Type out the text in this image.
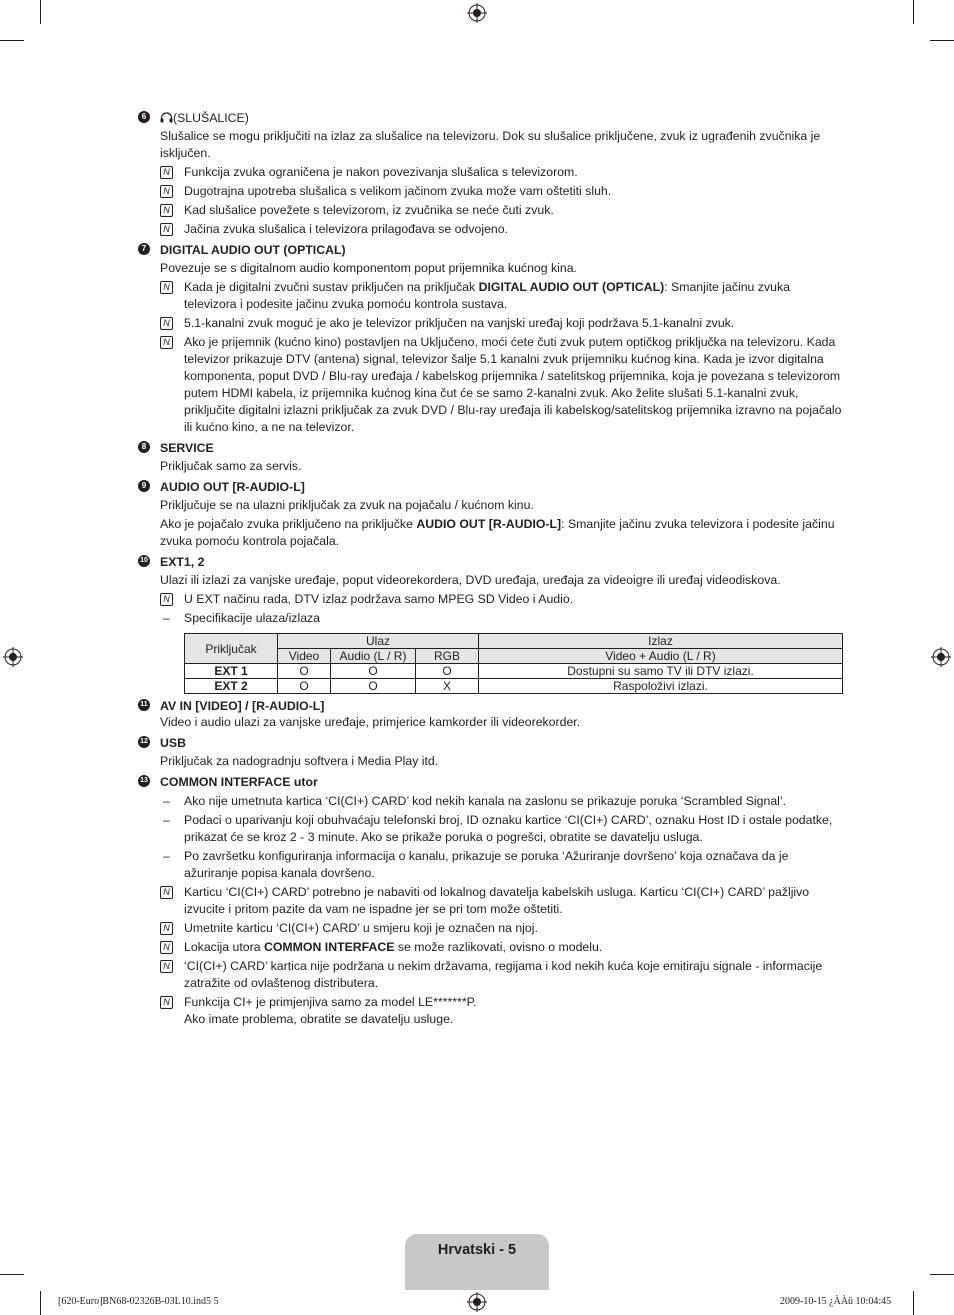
6	(SLUŠALICE)
Slušalice se mogu priključiti na izlaz za slušalice na televizoru. Dok su slušalice priključene, zvuk iz ugrađenih zvučnika je isključen.
N Funkcija zvuka ograničena je nakon povezivanja slušalica s televizorom.
N Dugotrajna upotreba slušalica s velikom jačinom zvuka može vam oštetiti sluh.
N Kad slušalice povežete s televizorom, iz zvučnika se neće čuti zvuk.
N Jačina zvuka slušalica i televizora prilagođava se odvojeno.
7	DIGITAL AUDIO OUT (OPTICAL)
Povezuje se s digitalnom audio komponentom poput prijemnika kućnog kina.
N Kada je digitalni zvučni sustav priključen na priključak DIGITAL AUDIO OUT (OPTICAL): Smanjite jačinu zvuka televizora i podesite jačinu zvuka pomoću kontrola sustava.
N 5.1-kanalni zvuk moguć je ako je televizor priključen na vanjski uređaj koji podržava 5.1-kanalni zvuk.
N Ako je prijemnik (kućno kino) postavljen na Uključeno, moći ćete čuti zvuk putem optičkog priključka na televizoru. Kada televizor prikazuje DTV (antena) signal, televizor šalje 5.1 kanalni zvuk prijemniku kućnog kina. Kada je izvor digitalna komponenta, poput DVD / Blu-ray uređaja / kabelskog prijemnika / satelitskog prijemnika, koja je povezana s televizorom putem HDMI kabela, iz prijemnika kućnog kina čut će se samo 2-kanalni zvuk. Ako želite slušati 5.1-kanalni zvuk, priključite digitalni izlazni priključak za zvuk DVD / Blu-ray uređaja ili kabelskog/satelitskog prijemnika izravno na pojačalo ili kućno kino, a ne na televizor.
8	SERVICE
Priključak samo za servis.
9	AUDIO OUT [R-AUDIO-L]
Priključuje se na ulazni priključak za zvuk na pojačalu / kućnom kinu.
Ako je pojačalo zvuka priključeno na priključke AUDIO OUT [R-AUDIO-L]: Smanjite jačinu zvuka televizora i podesite jačinu zvuka pomoću kontrola pojačala.
10 EXT1, 2
Ulazi ili izlazi za vanjske uređaje, poput videorekordera, DVD uređaja, uređaja za videoigre ili uređaj videodiskova.
N U EXT načinu rada, DTV izlaz podržava samo MPEG SD Video i Audio.
– Specifikacije ulaza/izlaza
Priključak	Ulaz			Izlaz
	Video	Audio (L / R)	RGB	Video + Audio (L / R)
EXT 1	O	O	O	Dostupni su samo TV ili DTV izlazi.
EXT 2	O	O	X	Raspoloživi izlazi.
11 AV IN [VIDEO] / [R-AUDIO-L]
Video i audio ulazi za vanjske uređaje, primjerice kamkorder ili videorekorder.
12 USB
Priključak za nadogradnju softvera i Media Play itd.
13 COMMON INTERFACE utor
– Ako nije umetnuta kartica ‘CI(CI+) CARD’ kod nekih kanala na zaslonu se prikazuje poruka ‘Scrambled Signal’.
– Podaci o uparivanju koji obuhvaćaju telefonski broj, ID oznaku kartice ‘CI(CI+) CARD’, oznaku Host ID i ostale podatke, prikazat će se kroz 2 - 3 minute. Ako se prikaže poruka o pogrešci, obratite se davatelju usluga.
– Po završetku konfiguriranja informacija o kanalu, prikazuje se poruka ‘Ažuriranje dovršeno’ koja označava da je ažuriranje popisa kanala dovršeno.
N Karticu ‘CI(CI+) CARD’ potrebno je nabaviti od lokalnog davatelja kabelskih usluga. Karticu ‘CI(CI+) CARD’ pažljivo izvucite i pritom pazite da vam ne ispadne jer se pri tom može oštetiti.
N Umetnite karticu ‘CI(CI+) CARD’ u smjeru koji je označen na njoj.
N Lokacija utora COMMON INTERFACE se može razlikovati, ovisno o modelu.
N ‘CI(CI+) CARD’ kartica nije podržana u nekim državama, regijama i kod nekih kuća koje emitiraju signale - informacije zatražite od ovlaštenog distributera.
N Funkcija CI+ je primjenjiva samo za model LE*******P.
Ako imate problema, obratite se davatelju usluge.
Hrvatski - 5
[620-Euro]BN68-02326B-03L10.ind5 5	2009-10-15 ¿ÀÀü 10:04:45
